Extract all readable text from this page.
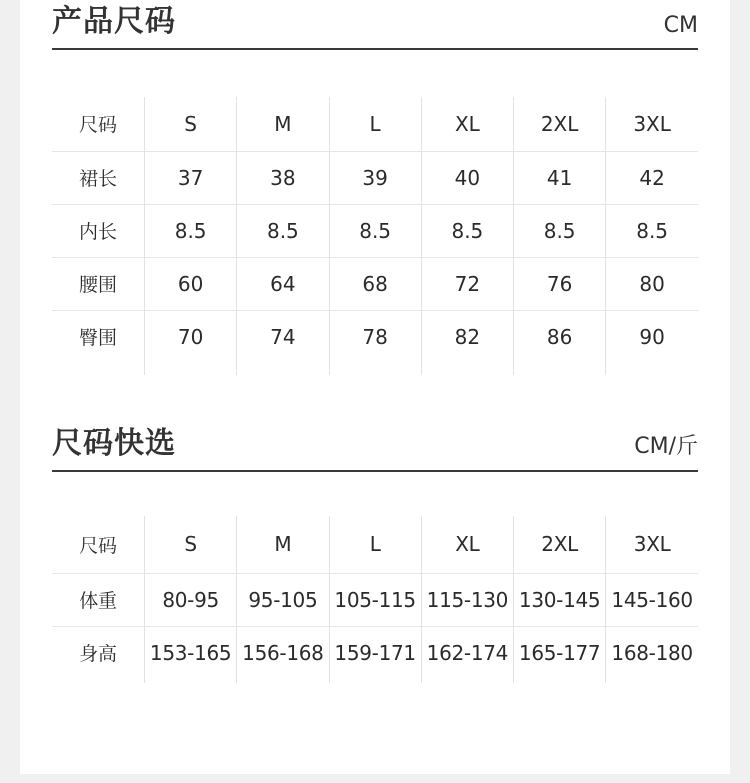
产品尺码	CM
尺码	S	M	L	XL	2XL	3XL
裙长	37	38	39	40	41	42
内长	8.5	8.5	8.5	8.5	8.5	8.5
腰围	60	64	68	72	76	80
臀围	70	74	78	82	86	90
尺码快选	CM/斤
尺码	S	M	L	XL	2XL	3XL
体重	80-95	95-105	105-115	115-130	130-145	145-160
身高	153-165	156-168	159-171	162-174	165-177	168-180
